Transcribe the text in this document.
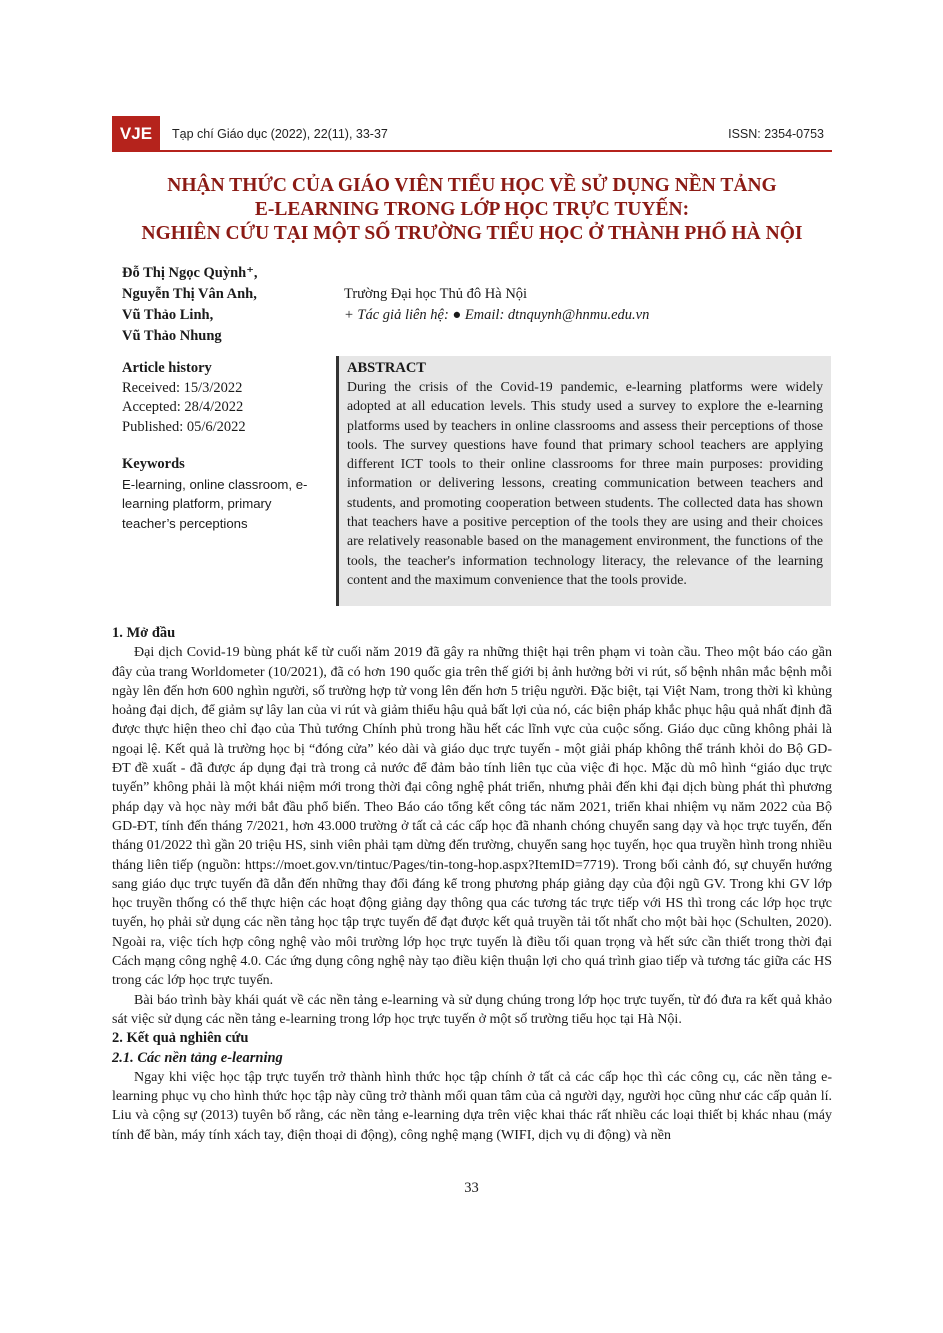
VJE	Tạp chí Giáo dục (2022), 22(11), 33-37	ISSN: 2354-0753
NHẬN THỨC CỦA GIÁO VIÊN TIỂU HỌC VỀ SỬ DỤNG NỀN TẢNG
E-LEARNING TRONG LỚP HỌC TRỰC TUYẾN:
NGHIÊN CỨU TẠI MỘT SỐ TRƯỜNG TIỂU HỌC Ở THÀNH PHỐ HÀ NỘI
Đỗ Thị Ngọc Quỳnh⁺,
Nguyễn Thị Vân Anh,
Vũ Thảo Linh,
Vũ Thảo Nhung
Trường Đại học Thủ đô Hà Nội
+ Tác giả liên hệ: ● Email: dtnquynh@hnmu.edu.vn
Article history
Received: 15/3/2022
Accepted: 28/4/2022
Published: 05/6/2022
Keywords
E-learning, online classroom, e-learning platform, primary teacher’s perceptions
ABSTRACT
During the crisis of the Covid-19 pandemic, e-learning platforms were widely adopted at all education levels. This study used a survey to explore the e-learning platforms used by teachers in online classrooms and assess their perceptions of those tools. The survey questions have found that primary school teachers are applying different ICT tools to their online classrooms for three main purposes: providing information or delivering lessons, creating communication between teachers and students, and promoting cooperation between students. The collected data has shown that teachers have a positive perception of the tools they are using and their choices are relatively reasonable based on the management environment, the functions of the tools, the teacher's information technology literacy, the relevance of the learning content and the maximum convenience that the tools provide.
1. Mở đầu

Đại dịch Covid-19 bùng phát kể từ cuối năm 2019 đã gây ra những thiệt hại trên phạm vi toàn cầu. Theo một báo cáo gần đây của trang Worldometer (10/2021), đã có hơn 190 quốc gia trên thế giới bị ảnh hưởng bởi vi rút, số bệnh nhân mắc bệnh mỗi ngày lên đến hơn 600 nghìn người, số trường hợp tử vong lên đến hơn 5 triệu người. Đặc biệt, tại Việt Nam, trong thời kì khủng hoảng đại dịch, để giảm sự lây lan của vi rút và giảm thiểu hậu quả bất lợi của nó, các biện pháp khắc phục hậu quả nhất định đã được thực hiện theo chỉ đạo của Thủ tướng Chính phủ trong hầu hết các lĩnh vực của cuộc sống. Giáo dục cũng không phải là ngoại lệ. Kết quả là trường học bị “đóng cửa” kéo dài và giáo dục trực tuyến - một giải pháp không thể tránh khỏi do Bộ GD-ĐT đề xuất - đã được áp dụng đại trà trong cả nước để đảm bảo tính liên tục của việc đi học. Mặc dù mô hình “giáo dục trực tuyến” không phải là một khái niệm mới trong thời đại công nghệ phát triển, nhưng phải đến khi đại dịch bùng phát thì phương pháp dạy và học này mới bắt đầu phổ biến. Theo Báo cáo tổng kết công tác năm 2021, triển khai nhiệm vụ năm 2022 của Bộ GD-ĐT, tính đến tháng 7/2021, hơn 43.000 trường ở tất cả các cấp học đã nhanh chóng chuyển sang dạy và học trực tuyến, đến tháng 01/2022 thì gần 20 triệu HS, sinh viên phải tạm dừng đến trường, chuyển sang học tuyến, học qua truyền hình trong nhiều tháng liên tiếp (nguồn: https://moet.gov.vn/tintuc/Pages/tin-tong-hop.aspx?ItemID=7719). Trong bối cảnh đó, sự chuyển hướng sang giáo dục trực tuyến đã dẫn đến những thay đổi đáng kể trong phương pháp giảng dạy của đội ngũ GV. Trong khi GV lớp học truyền thống có thể thực hiện các hoạt động giảng dạy thông qua các tương tác trực tiếp với HS thì trong các lớp học trực tuyến, họ phải sử dụng các nền tảng học tập trực tuyến để đạt được kết quả truyền tải tốt nhất cho một bài học (Schulten, 2020). Ngoài ra, việc tích hợp công nghệ vào môi trường lớp học trực tuyến là điều tối quan trọng và hết sức cần thiết trong thời đại Cách mạng công nghệ 4.0. Các ứng dụng công nghệ này tạo điều kiện thuận lợi cho quá trình giao tiếp và tương tác giữa các HS trong các lớp học trực tuyến.

Bài báo trình bày khái quát về các nền tảng e-learning và sử dụng chúng trong lớp học trực tuyến, từ đó đưa ra kết quả khảo sát việc sử dụng các nền tảng e-learning trong lớp học trực tuyến ở một số trường tiểu học tại Hà Nội.

2. Kết quả nghiên cứu
2.1. Các nền tảng e-learning

Ngay khi việc học tập trực tuyến trở thành hình thức học tập chính ở tất cả các cấp học thì các công cụ, các nền tảng e-learning phục vụ cho hình thức học tập này cũng trở thành mối quan tâm của cả người dạy, người học cũng như các cấp quản lí. Liu và cộng sự (2013) tuyên bố rằng, các nền tảng e-learning dựa trên việc khai thác rất nhiều các loại thiết bị khác nhau (máy tính để bàn, máy tính xách tay, điện thoại di động), công nghệ mạng (WIFI, dịch vụ di động) và nền

33
